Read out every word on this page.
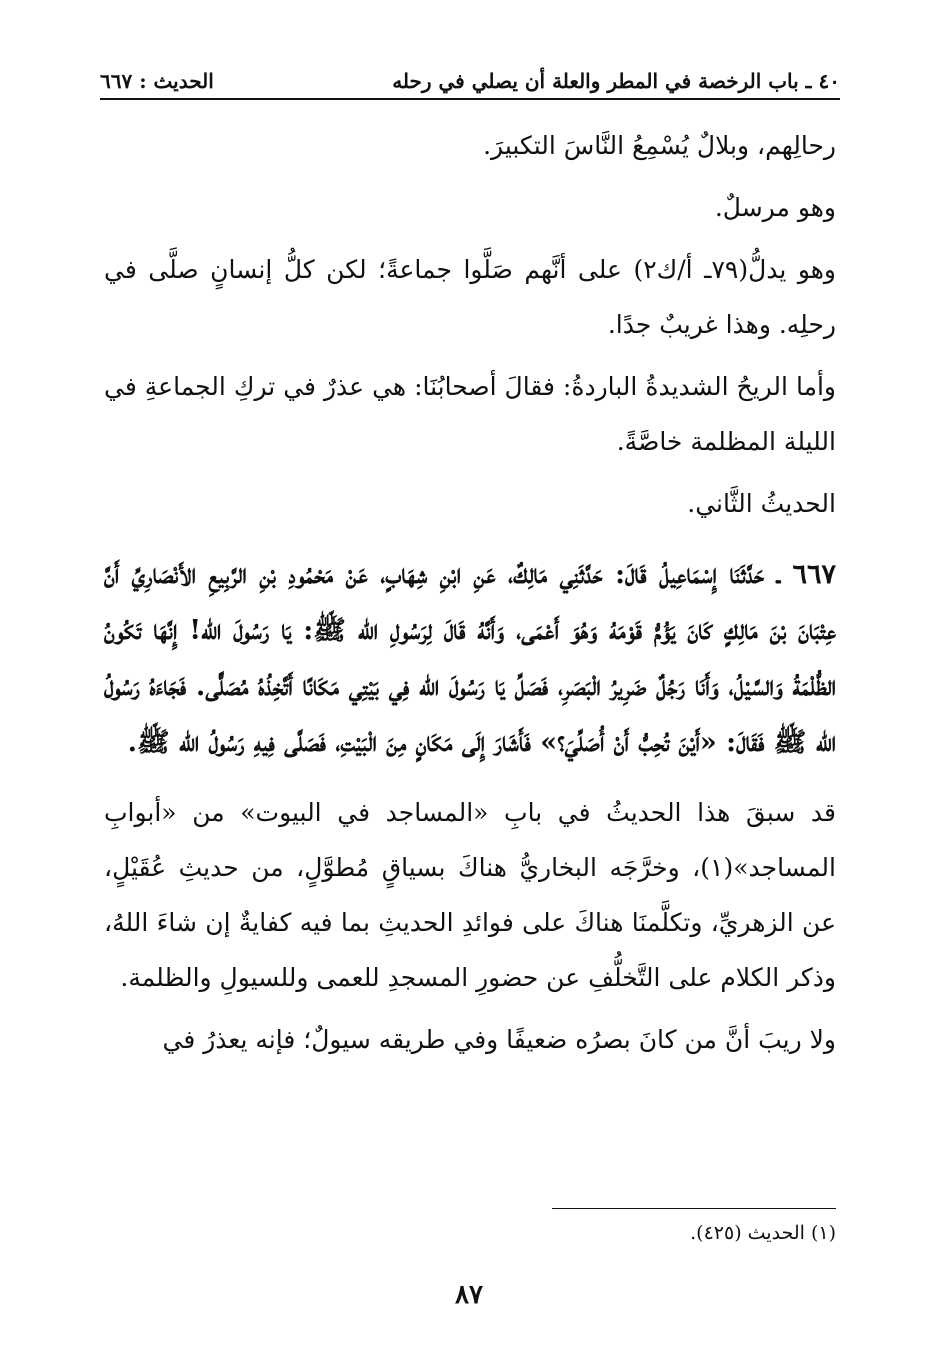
٤٠ ـ باب الرخصة في المطر والعلة أن يصلي في رحله
الحديث : ٦٦٧

رحالِهم، وبلالٌ يُسْمِعُ النَّاسَ التكبيرَ.

وهو مرسلٌ.

وهو يدلُّ(٧٩ـ أ/ك٢) على أنَّهم صَلَّوا جماعةً؛ لكن كلُّ إنسانٍ صلَّى في رحلِه. وهذا غريبٌ جدًا.

وأما الريحُ الشديدةُ الباردةُ: فقالَ أصحابُنَا: هي عذرٌ في تركِ الجماعةِ في الليلة المظلمة خاصَّةً.

الحديثُ الثَّاني.

٦٦٧ ـ حَدَّثَنَا إِسْمَاعِيلُ قَالَ: حَدَّثَنِي مَالِكٌ، عَنِ ابْنِ شِهَابٍ، عَنْ مَحْمُودِ بْنِ الرَّبِيعِ الأَنْصَارِيِّ أَنَّ عِتْبَانَ بْنَ مَالِكٍ كَانَ يَؤُمُّ قَوْمَهُ وَهُوَ أَعْمَى، وَأَنَّهُ قَالَ لِرَسُولِ الله ﷺ: يَا رَسُولَ الله! إِنَّهَا تَكُونُ الظُّلْمَةُ وَالسَّيْلُ، وَأَنَا رَجُلٌ ضَرِيرُ الْبَصَرِ، فَصَلِّ يَا رَسُولَ الله فِي بَيْتِي مَكَانًا أَتَّخِذُهُ مُصَلًّى. فَجَاءَهُ رَسُولُ الله ﷺ فَقَالَ: «أَيْنَ تُحِبُّ أَنْ أُصَلِّيَ؟» فَأَشَارَ إِلَى مَكَانٍ مِنَ الْبَيْتِ، فَصَلَّى فِيهِ رَسُولُ الله ﷺ.

قد سبقَ هذا الحديثُ في بابِ «المساجد في البيوت» من «أبوابِ المساجد»(١)، وخرَّجَه البخاريُّ هناكَ بسياقٍ مُطوَّلٍ، من حديثِ عُقَيْلٍ، عن الزهريِّ، وتكلَّمنَا هناكَ على فوائدِ الحديثِ بما فيه كفايةٌ إن شاءَ اللهُ، وذكر الكلام على التَّخلُّفِ عن حضورِ المسجدِ للعمى وللسيولِ والظلمة.

ولا ريبَ أنَّ من كانَ بصرُه ضعيفًا وفي طريقه سيولٌ؛ فإنه يعذرُ في

(١) الحديث (٤٢٥).
٨٧
